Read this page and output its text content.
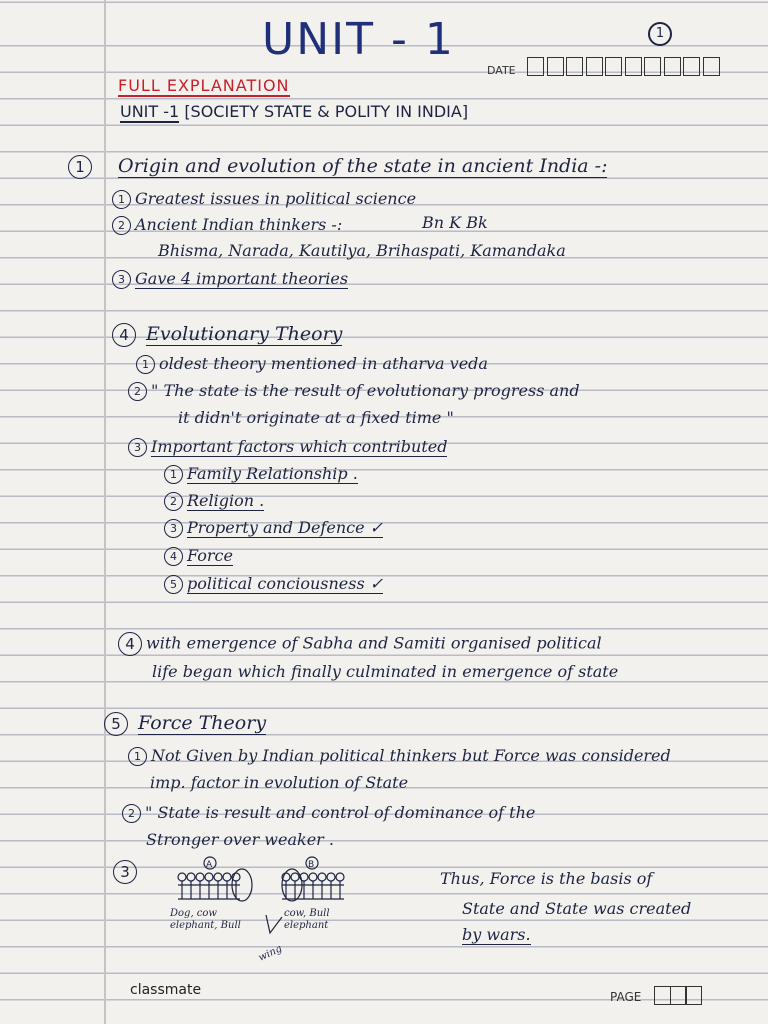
UNIT - 1	1
DATE
FULL EXPLANATION
UNIT -1 [SOCIETY STATE & POLITY IN INDIA]
1 Origin and evolution of the state in ancient India -:
1 Greatest issues in political science
2 Ancient Indian thinkers -:	Bn K Bk
Bhisma, Narada, Kautilya, Brihaspati, Kamandaka
3 Gave 4 important theories
4 Evolutionary Theory
1 oldest theory mentioned in atharva veda
2 " The state is the result of evolutionary progress and
it didn't originate at a fixed time "
3 Important factors which contributed
1 Family Relationship .
2 Religion .
3 Property and Defence ✓
4 Force
5 political conciousness ✓
4 with emergence of Sabha and Samiti organised political
life began which finally culminated in emergence of state
5 Force Theory
1 Not Given by Indian political thinkers but Force was considered
imp. factor in evolution of State
2 " State is result and control of dominance of the
Stronger over weaker .
3	A	B
Dog, cow elephant, Bull
cow, Bull elephant
wing
Thus, Force is the basis of
State and State was created
by wars.
classmate	PAGE
